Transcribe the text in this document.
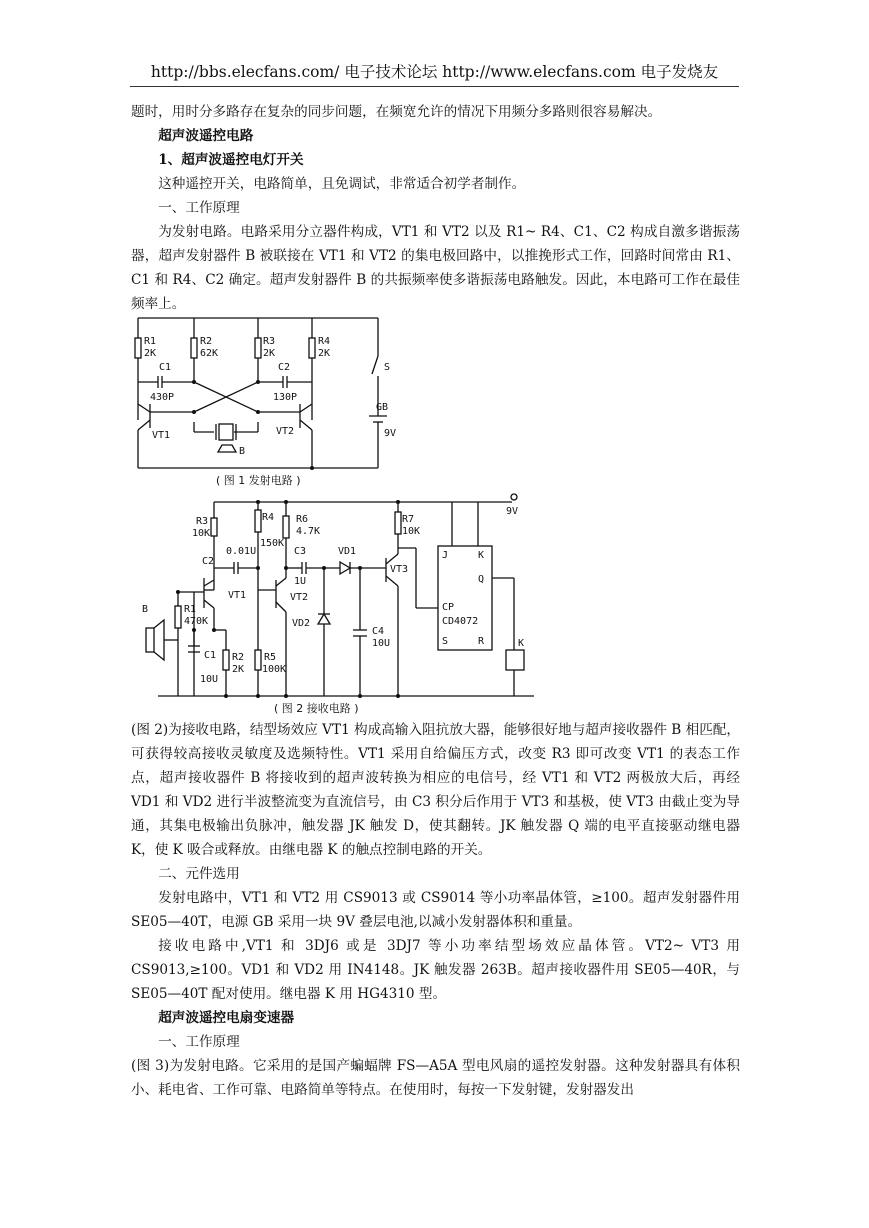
http://bbs.elecfans.com/ 电子技术论坛 http://www.elecfans.com 电子发烧友

题时，用时分多路存在复杂的同步问题，在频宽允许的情况下用频分多路则很容易解决。

超声波遥控电路

1、超声波遥控电灯开关

这种遥控开关，电路简单，且免调试，非常适合初学者制作。

一、工作原理

为发射电路。电路采用分立器件构成，VT1 和 VT2 以及 R1~ R4、C1、C2 构成自激多谐振荡器，超声发射器件 B 被联接在 VT1 和 VT2 的集电极回路中，以推挽形式工作，回路时间常由 R1、C1 和 R4、C2 确定。超声发射器件 B 的共振频率使多谐振荡电路触发。因此，本电路可工作在最佳频率上。

R1
2K
R2
62K
R3
2K
R4
2K
C1
430P
C2
130P
VT1	VT2
B
S
GB
9V
( 图 1 发射电路 )
9V
R3
10K
R4
150K
R6
4.7K
C2
0.01U	C3
1U
VD1
R7
10K
VT1	VT2
VT3
B	R1
470K	VD2
C4
10U
C1
10U
R2
2K
R5
100K
J	K
Q
CP
CD4072
S	R	K
( 图 2 接收电路 )

(图 2)为接收电路，结型场效应 VT1 构成高输入阻抗放大器，能够很好地与超声接收器件 B 相匹配，可获得较高接收灵敏度及选频特性。VT1 采用自给偏压方式，改变 R3 即可改变 VT1 的表态工作点，超声接收器件 B 将接收到的超声波转换为相应的电信号，经 VT1 和 VT2 两极放大后，再经 VD1 和 VD2 进行半波整流变为直流信号，由 C3 积分后作用于 VT3 和基极，使 VT3 由截止变为导通，其集电极输出负脉冲，触发器 JK 触发 D，使其翻转。JK 触发器 Q 端的电平直接驱动继电器 K，使 K 吸合或释放。由继电器 K 的触点控制电路的开关。

二、元件选用

发射电路中，VT1 和 VT2 用 CS9013 或 CS9014 等小功率晶体管，≥100。超声发射器件用 SE05—40T，电源 GB 采用一块 9V 叠层电池,以减小发射器体积和重量。

接收电路中,VT1 和 3DJ6 或是 3DJ7 等小功率结型场效应晶体管。VT2~ VT3 用 CS9013,≥100。VD1 和 VD2 用 IN4148。JK 触发器 263B。超声接收器件用 SE05—40R，与 SE05—40T 配对使用。继电器 K 用 HG4310 型。

超声波遥控电扇变速器

一、工作原理

(图 3)为发射电路。它采用的是国产蝙蝠牌 FS—A5A 型电风扇的遥控发射器。这种发射器具有体积小、耗电省、工作可靠、电路简单等特点。在使用时，每按一下发射键，发射器发出
